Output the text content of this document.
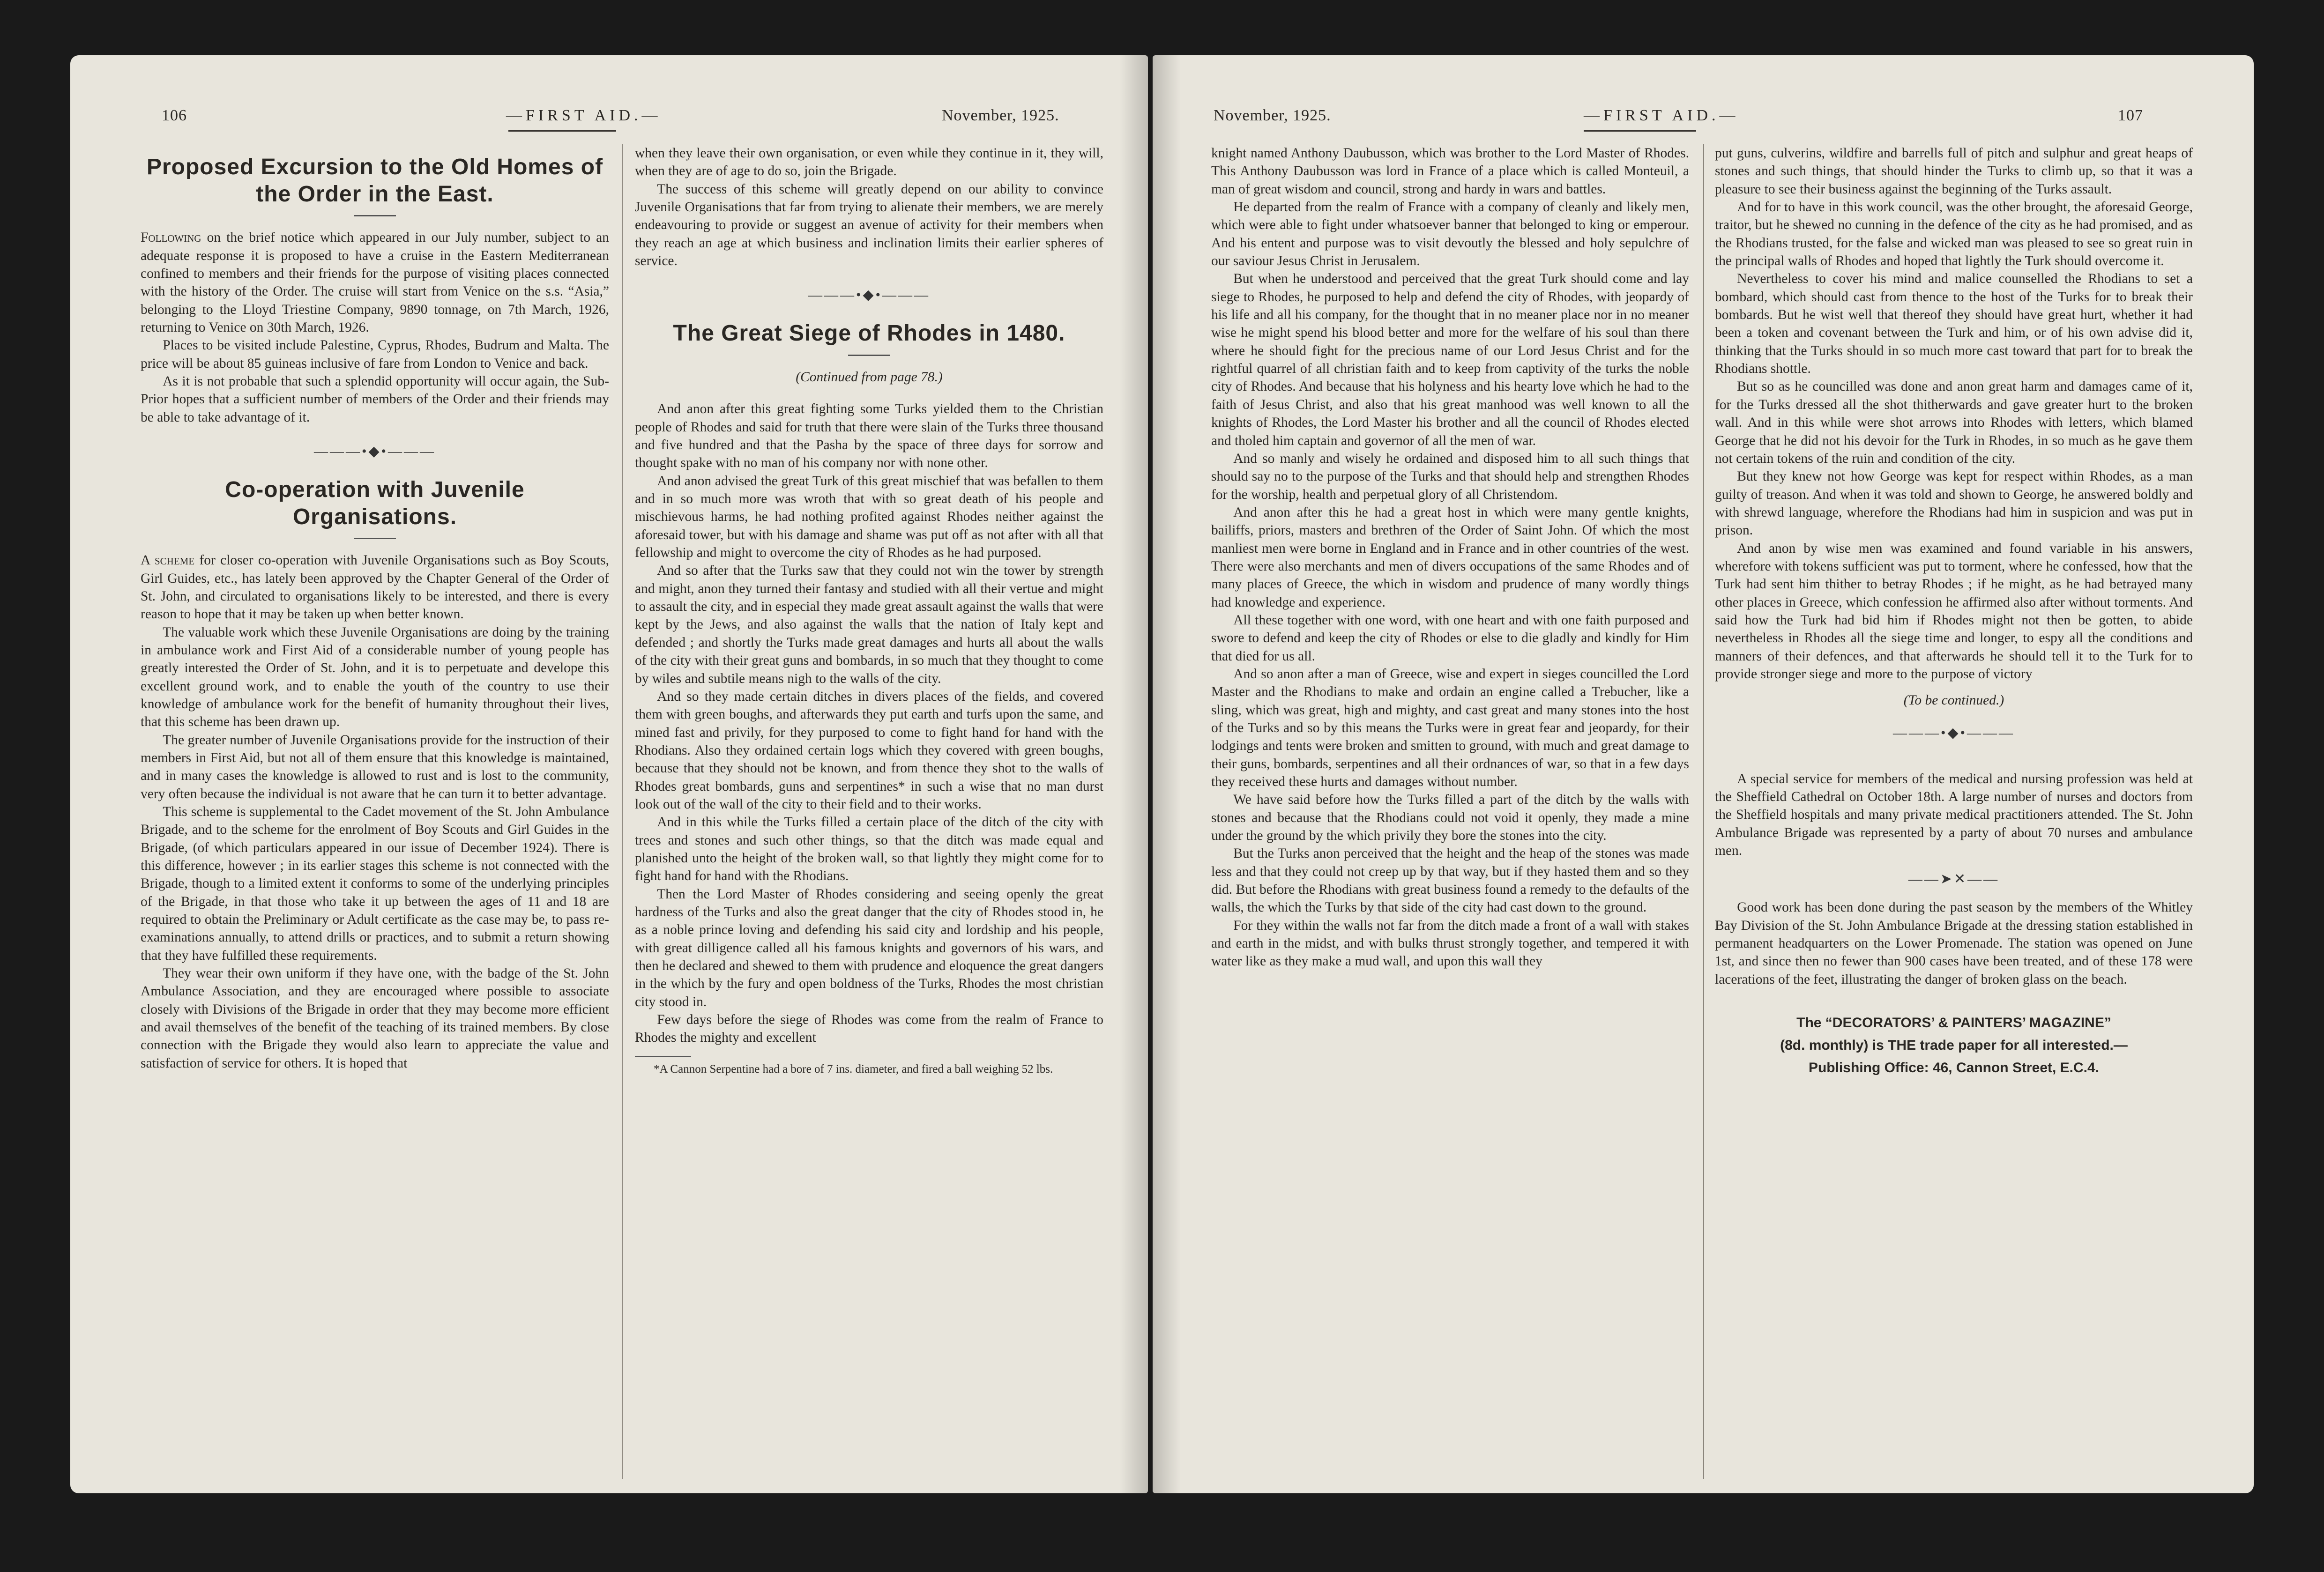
106	—FIRST AID.—	November, 1925.
Proposed Excursion to the Old Homes of the Order in the East.

Following on the brief notice which appeared in our July number, subject to an adequate response it is proposed to have a cruise in the Eastern Mediterranean confined to members and their friends for the purpose of visiting places connected with the history of the Order. The cruise will start from Venice on the s.s. “Asia,” belonging to the Lloyd Triestine Company, 9890 tonnage, on 7th March, 1926, returning to Venice on 30th March, 1926.

Places to be visited include Palestine, Cyprus, Rhodes, Budrum and Malta. The price will be about 85 guineas inclusive of fare from London to Venice and back.

As it is not probable that such a splendid opportunity will occur again, the Sub-Prior hopes that a sufficient number of members of the Order and their friends may be able to take advantage of it.

———•◆•———
Co-operation with Juvenile Organisations.

A scheme for closer co-operation with Juvenile Organisations such as Boy Scouts, Girl Guides, etc., has lately been approved by the Chapter General of the Order of St. John, and circulated to organisations likely to be interested, and there is every reason to hope that it may be taken up when better known.

The valuable work which these Juvenile Organisations are doing by the training in ambulance work and First Aid of a considerable number of young people has greatly interested the Order of St. John, and it is to perpetuate and develope this excellent ground work, and to enable the youth of the country to use their knowledge of ambulance work for the benefit of humanity throughout their lives, that this scheme has been drawn up.

The greater number of Juvenile Organisations provide for the instruction of their members in First Aid, but not all of them ensure that this knowledge is maintained, and in many cases the knowledge is allowed to rust and is lost to the community, very often because the individual is not aware that he can turn it to better advantage.

This scheme is supplemental to the Cadet movement of the St. John Ambulance Brigade, and to the scheme for the enrolment of Boy Scouts and Girl Guides in the Brigade, (of which particulars appeared in our issue of December 1924). There is this difference, however ; in its earlier stages this scheme is not connected with the Brigade, though to a limited extent it conforms to some of the underlying principles of the Brigade, in that those who take it up between the ages of 11 and 18 are required to obtain the Preliminary or Adult certificate as the case may be, to pass re-examinations annually, to attend drills or practices, and to submit a return showing that they have fulfilled these requirements.

They wear their own uniform if they have one, with the badge of the St. John Ambulance Association, and they are encouraged where possible to associate closely with Divisions of the Brigade in order that they may become more efficient and avail themselves of the benefit of the teaching of its trained members. By close connection with the Brigade they would also learn to appreciate the value and satisfaction of service for others. It is hoped that

when they leave their own organisation, or even while they continue in it, they will, when they are of age to do so, join the Brigade.

The success of this scheme will greatly depend on our ability to convince Juvenile Organisations that far from trying to alienate their members, we are merely endeavouring to provide or suggest an avenue of activity for their members when they reach an age at which business and inclination limits their earlier spheres of service.

———•◆•———
The Great Siege of Rhodes in 1480.
(Continued from page 78.)

And anon after this great fighting some Turks yielded them to the Christian people of Rhodes and said for truth that there were slain of the Turks three thousand and five hundred and that the Pasha by the space of three days for sorrow and thought spake with no man of his company nor with none other.

And anon advised the great Turk of this great mischief that was befallen to them and in so much more was wroth that with so great death of his people and mischievous harms, he had nothing profited against Rhodes neither against the aforesaid tower, but with his damage and shame was put off as not after with all that fellowship and might to overcome the city of Rhodes as he had purposed.

And so after that the Turks saw that they could not win the tower by strength and might, anon they turned their fantasy and studied with all their vertue and might to assault the city, and in especial they made great assault against the walls that were kept by the Jews, and also against the walls that the nation of Italy kept and defended ; and shortly the Turks made great damages and hurts all about the walls of the city with their great guns and bombards, in so much that they thought to come by wiles and subtile means nigh to the walls of the city.

And so they made certain ditches in divers places of the fields, and covered them with green boughs, and afterwards they put earth and turfs upon the same, and mined fast and privily, for they purposed to come to fight hand for hand with the Rhodians. Also they ordained certain logs which they covered with green boughs, because that they should not be known, and from thence they shot to the walls of Rhodes great bombards, guns and serpentines* in such a wise that no man durst look out of the wall of the city to their field and to their works.

And in this while the Turks filled a certain place of the ditch of the city with trees and stones and such other things, so that the ditch was made equal and planished unto the height of the broken wall, so that lightly they might come for to fight hand for hand with the Rhodians.

Then the Lord Master of Rhodes considering and seeing openly the great hardness of the Turks and also the great danger that the city of Rhodes stood in, he as a noble prince loving and defending his said city and lordship and his people, with great dilligence called all his famous knights and governors of his wars, and then he declared and shewed to them with prudence and eloquence the great dangers in the which by the fury and open boldness of the Turks, Rhodes the most christian city stood in.

Few days before the siege of Rhodes was come from the realm of France to Rhodes the mighty and excellent

*A Cannon Serpentine had a bore of 7 ins. diameter, and fired a ball weighing 52 lbs.
November, 1925.	—FIRST AID.—	107

knight named Anthony Daubusson, which was brother to the Lord Master of Rhodes. This Anthony Daubusson was lord in France of a place which is called Monteuil, a man of great wisdom and council, strong and hardy in wars and battles.

He departed from the realm of France with a company of cleanly and likely men, which were able to fight under whatsoever banner that belonged to king or emperour. And his entent and purpose was to visit devoutly the blessed and holy sepulchre of our saviour Jesus Christ in Jerusalem.

But when he understood and perceived that the great Turk should come and lay siege to Rhodes, he purposed to help and defend the city of Rhodes, with jeopardy of his life and all his company, for the thought that in no meaner place nor in no meaner wise he might spend his blood better and more for the welfare of his soul than there where he should fight for the precious name of our Lord Jesus Christ and for the rightful quarrel of all christian faith and to keep from captivity of the turks the noble city of Rhodes. And because that his holyness and his hearty love which he had to the faith of Jesus Christ, and also that his great manhood was well known to all the knights of Rhodes, the Lord Master his brother and all the council of Rhodes elected and tholed him captain and governor of all the men of war.

And so manly and wisely he ordained and disposed him to all such things that should say no to the purpose of the Turks and that should help and strengthen Rhodes for the worship, health and perpetual glory of all Christendom.

And anon after this he had a great host in which were many gentle knights, bailiffs, priors, masters and brethren of the Order of Saint John. Of which the most manliest men were borne in England and in France and in other countries of the west. There were also merchants and men of divers occupations of the same Rhodes and of many places of Greece, the which in wisdom and prudence of many wordly things had knowledge and experience.

All these together with one word, with one heart and with one faith purposed and swore to defend and keep the city of Rhodes or else to die gladly and kindly for Him that died for us all.

And so anon after a man of Greece, wise and expert in sieges councilled the Lord Master and the Rhodians to make and ordain an engine called a Trebucher, like a sling, which was great, high and mighty, and cast great and many stones into the host of the Turks and so by this means the Turks were in great fear and jeopardy, for their lodgings and tents were broken and smitten to ground, with much and great damage to their guns, bombards, serpentines and all their ordnances of war, so that in a few days they received these hurts and damages without number.

We have said before how the Turks filled a part of the ditch by the walls with stones and because that the Rhodians could not void it openly, they made a mine under the ground by the which privily they bore the stones into the city.

But the Turks anon perceived that the height and the heap of the stones was made less and that they could not creep up by that way, but if they hasted them and so they did. But before the Rhodians with great business found a remedy to the defaults of the walls, the which the Turks by that side of the city had cast down to the ground.

For they within the walls not far from the ditch made a front of a wall with stakes and earth in the midst, and with bulks thrust strongly together, and tempered it with water like as they make a mud wall, and upon this wall they

put guns, culverins, wildfire and barrells full of pitch and sulphur and great heaps of stones and such things, that should hinder the Turks to climb up, so that it was a pleasure to see their business against the beginning of the Turks assault.

And for to have in this work council, was the other brought, the aforesaid George, traitor, but he shewed no cunning in the defence of the city as he had promised, and as the Rhodians trusted, for the false and wicked man was pleased to see so great ruin in the principal walls of Rhodes and hoped that lightly the Turk should overcome it.

Nevertheless to cover his mind and malice counselled the Rhodians to set a bombard, which should cast from thence to the host of the Turks for to break their bombards. But he wist well that thereof they should have great hurt, whether it had been a token and covenant between the Turk and him, or of his own advise did it, thinking that the Turks should in so much more cast toward that part for to break the Rhodians shottle.

But so as he councilled was done and anon great harm and damages came of it, for the Turks dressed all the shot thitherwards and gave greater hurt to the broken wall. And in this while were shot arrows into Rhodes with letters, which blamed George that he did not his devoir for the Turk in Rhodes, in so much as he gave them not certain tokens of the ruin and condition of the city.

But they knew not how George was kept for respect within Rhodes, as a man guilty of treason. And when it was told and shown to George, he answered boldly and with shrewd language, wherefore the Rhodians had him in suspicion and was put in prison.

And anon by wise men was examined and found variable in his answers, wherefore with tokens sufficient was put to torment, where he confessed, how that the Turk had sent him thither to betray Rhodes ; if he might, as he had betrayed many other places in Greece, which confession he affirmed also after without torments. And said how the Turk had bid him if Rhodes might not then be gotten, to abide nevertheless in Rhodes all the siege time and longer, to espy all the conditions and manners of their defences, and that afterwards he should tell it to the Turk for to provide stronger siege and more to the purpose of victory

(To be continued.)
———•◆•———

A special service for members of the medical and nursing profession was held at the Sheffield Cathedral on October 18th. A large number of nurses and doctors from the Sheffield hospitals and many private medical practitioners attended. The St. John Ambulance Brigade was represented by a party of about 70 nurses and ambulance men.

——➤✕——

Good work has been done during the past season by the members of the Whitley Bay Division of the St. John Ambulance Brigade at the dressing station established in permanent headquarters on the Lower Promenade. The station was opened on June 1st, and since then no fewer than 900 cases have been treated, and of these 178 were lacerations of the feet, illustrating the danger of broken glass on the beach.

The “DECORATORS’ & PAINTERS’ MAGAZINE”
(8d. monthly) is THE trade paper for all interested.—
Publishing Office: 46, Cannon Street, E.C.4.
